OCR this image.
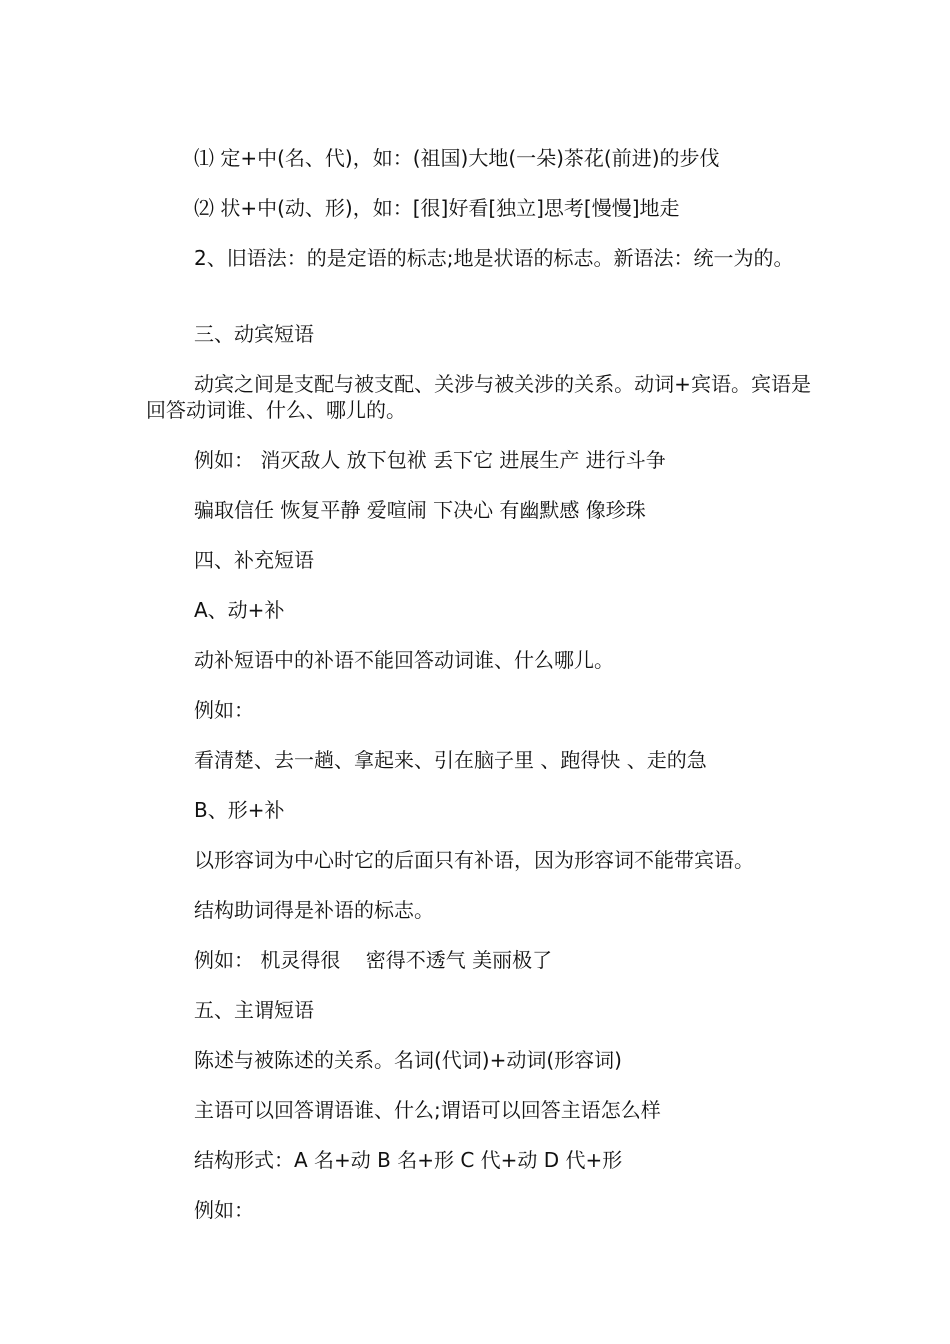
⑴ 定+中(名、代)，如：(祖国)大地(一朵)茶花(前进)的步伐

⑵ 状+中(动、形)，如：[很]好看[独立]思考[慢慢]地走

2、旧语法：的是定语的标志;地是状语的标志。新语法：统一为的。

三、动宾短语

动宾之间是支配与被支配、关涉与被关涉的关系。动词+宾语。宾语是回答动词谁、什么、哪儿的。

例如： 消灭敌人 放下包袱 丢下它 进展生产 进行斗争

骗取信任 恢复平静 爱喧闹 下决心 有幽默感 像珍珠

四、补充短语

A、动+补

动补短语中的补语不能回答动词谁、什么哪儿。

例如：

看清楚、去一趟、拿起来、引在脑子里 、跑得快 、走的急

B、形+补

以形容词为中心时它的后面只有补语，因为形容词不能带宾语。

结构助词得是补语的标志。

例如： 机灵得很    密得不透气 美丽极了

五、主谓短语

陈述与被陈述的关系。名词(代词)+动词(形容词)

主语可以回答谓语谁、什么;谓语可以回答主语怎么样

结构形式：A 名+动 B 名+形 C 代+动 D 代+形

例如：
